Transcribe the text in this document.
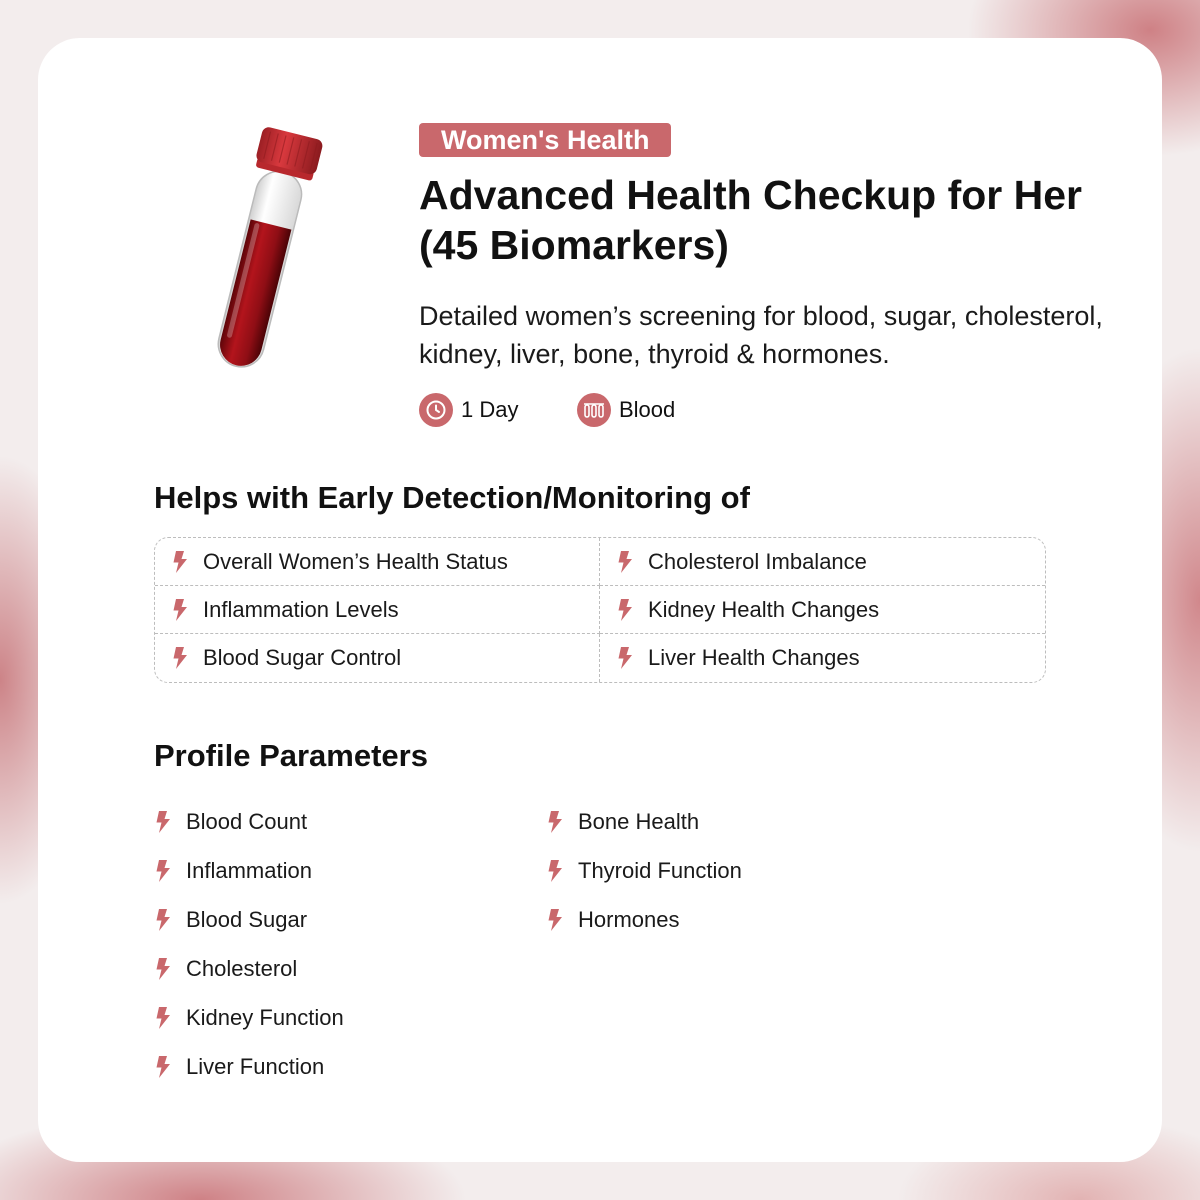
Women's Health
Advanced Health Checkup for Her (45 Biomarkers)
Detailed women’s screening for blood, sugar, cholesterol, kidney, liver, bone, thyroid & hormones.
1 Day	Blood
Helps with Early Detection/Monitoring of
Overall Women’s Health Status	Cholesterol Imbalance
Inflammation Levels	Kidney Health Changes
Blood Sugar Control	Liver Health Changes
Profile Parameters
Blood Count
Inflammation
Blood Sugar
Cholesterol
Kidney Function
Liver Function
Bone Health
Thyroid Function
Hormones
